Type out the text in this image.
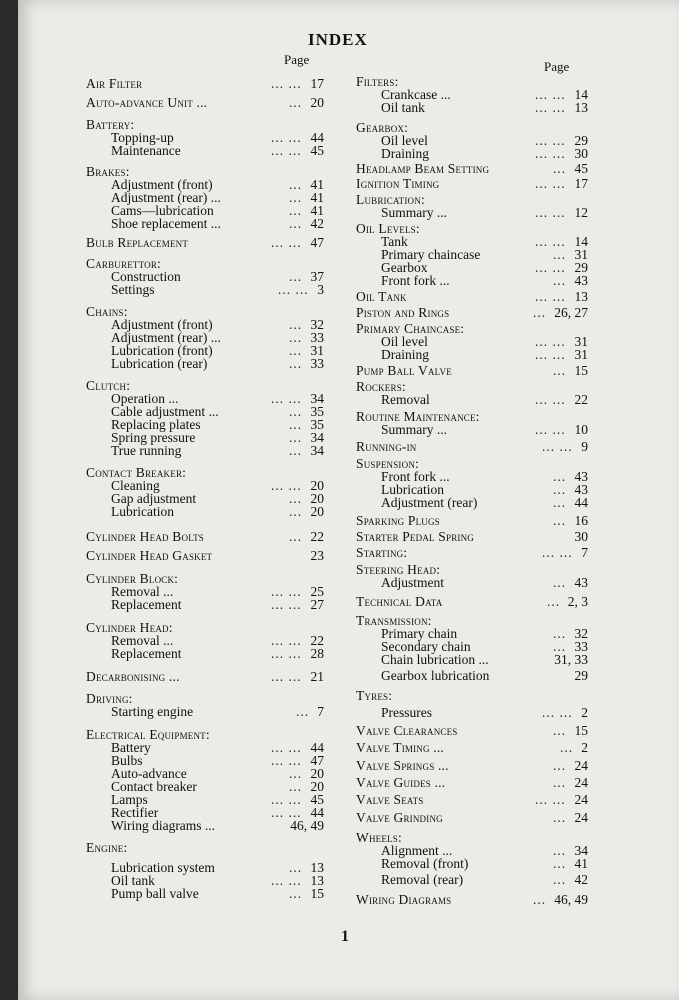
INDEX
Page
Air Filter	... ... 17
Auto-advance Unit ...	... 20
Battery:
Topping-up	... ... 44
Maintenance	... ... 45
Brakes:
Adjustment (front)	... 41
Adjustment (rear) ...	... 41
Cams—lubrication	... 41
Shoe replacement ...	... 42
Bulb Replacement	... ... 47
Carburettor:
Construction	... 37
Settings	... ... 3
Chains:
Adjustment (front)	... 32
Adjustment (rear) ...	... 33
Lubrication (front)	... 31
Lubrication (rear)	... 33
Clutch:
Operation ...	... ... 34
Cable adjustment ...	... 35
Replacing plates	... 35
Spring pressure	... 34
True running	... 34
Contact Breaker:
Cleaning	... ... 20
Gap adjustment	... 20
Lubrication	... 20
Cylinder Head Bolts	... 22
Cylinder Head Gasket	23
Cylinder Block:
Removal ...	... ... 25
Replacement	... ... 27
Cylinder Head:
Removal ...	... ... 22
Replacement	... ... 28
Decarbonising ...	... ... 21
Driving:
Starting engine	... 7
Electrical Equipment:
Battery	... ... 44
Bulbs	... ... 47
Auto-advance	... 20
Contact breaker	... 20
Lamps	... ... 45
Rectifier	... ... 44
Wiring diagrams ...	46, 49
Engine:
Lubrication system	... 13
Oil tank	... ... 13
Pump ball valve	... 15
Page
Filters:
Crankcase ...	... ... 14
Oil tank	... ... 13
Gearbox:
Oil level	... ... 29
Draining	... ... 30
Headlamp Beam Setting	... 45
Ignition Timing	... ... 17
Lubrication:
Summary ...	... ... 12
Oil Levels:
Tank	... ... 14
Primary chaincase	... 31
Gearbox	... ... 29
Front fork ...	... 43
Oil Tank	... ... 13
Piston and Rings	... 26, 27
Primary Chaincase:
Oil level	... ... 31
Draining	... ... 31
Pump Ball Valve	... 15
Rockers:
Removal	... ... 22
Routine Maintenance:
Summary ...	... ... 10
Running-in	... ... 9
Suspension:
Front fork ...	... 43
Lubrication	... 43
Adjustment (rear)	... 44
Sparking Plugs	... 16
Starter Pedal Spring	30
Starting:	... ... 7
Steering Head:
Adjustment	... 43
Technical Data	... 2, 3
Transmission:
Primary chain	... 32
Secondary chain	... 33
Chain lubrication ...	31, 33
Gearbox lubrication	29
Tyres:
Pressures	... ... 2
Valve Clearances	... 15
Valve Timing ...	... 2
Valve Springs ...	... 24
Valve Guides ...	... 24
Valve Seats	... ... 24
Valve Grinding	... 24
Wheels:
Alignment ...	... 34
Removal (front)	... 41
Removal (rear)	... 42
Wiring Diagrams	... 46, 49
1
